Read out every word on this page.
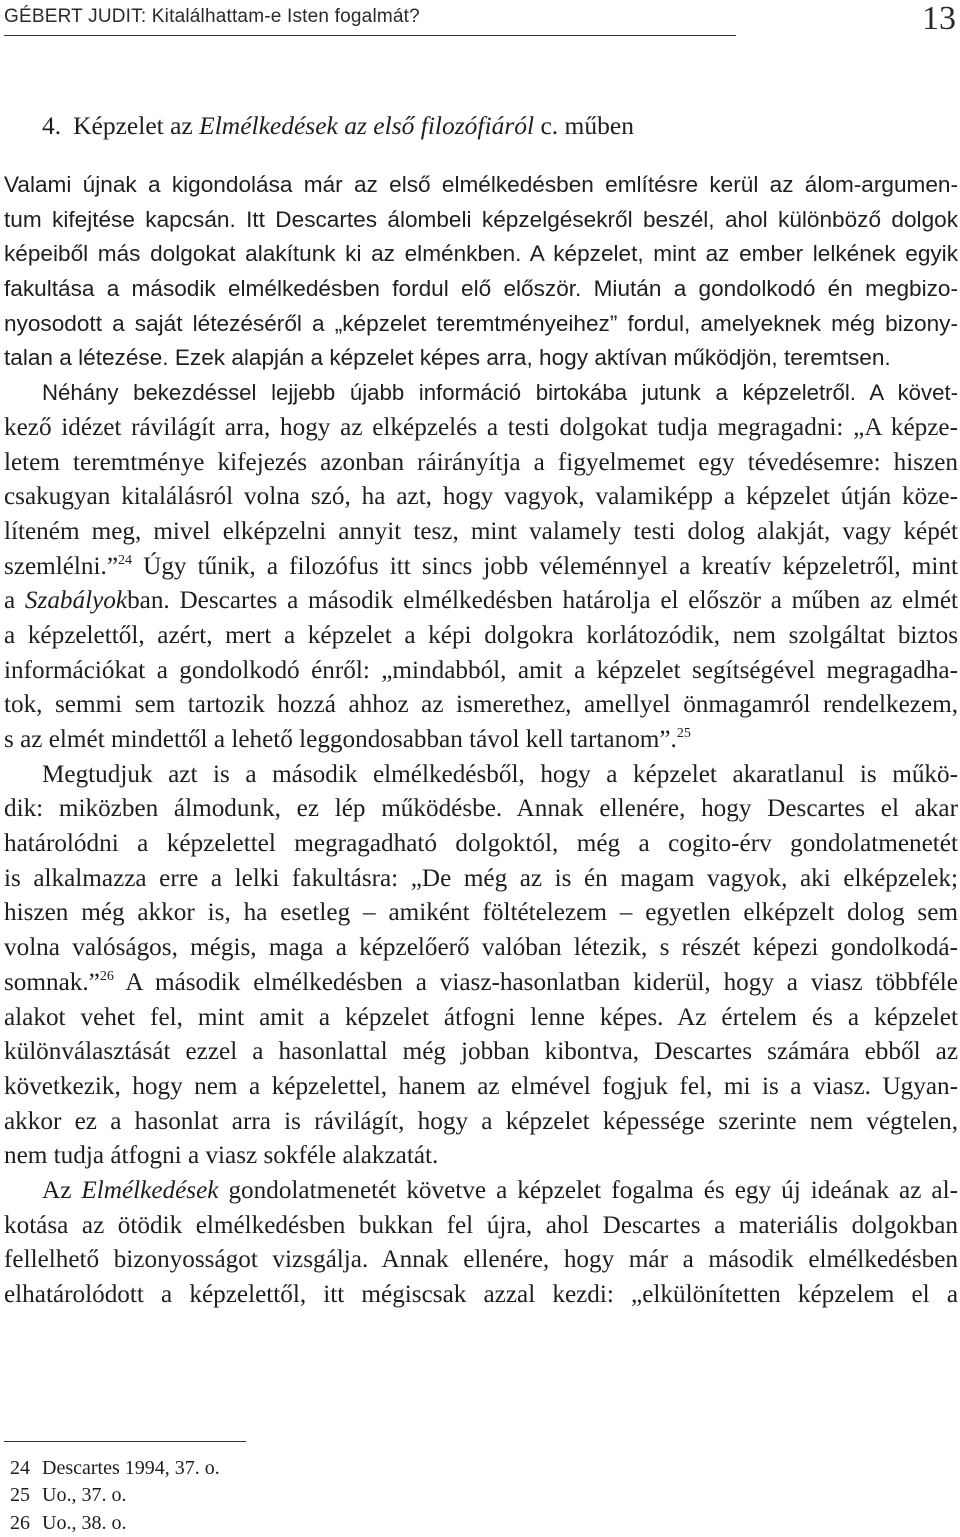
GÉBERT JUDIT: Kitalálhattam-e Isten fogalmát?	13
4. Képzelet az Elmélkedések az első filozófiáról c. műben
Valami újnak a kigondolása már az első elmélkedésben említésre kerül az álom-argumen-
tum kifejtése kapcsán. Itt Descartes álombeli képzelgésekről beszél, ahol különböző dolgok
képeiből más dolgokat alakítunk ki az elménkben. A képzelet, mint az ember lelkének egyik
fakultása a második elmélkedésben fordul elő először. Miután a gondolkodó én megbizo-
nyosodott a saját létezéséről a „képzelet teremtményeihez” fordul, amelyeknek még bizony-
talan a létezése. Ezek alapján a képzelet képes arra, hogy aktívan működjön, teremtsen.
Néhány bekezdéssel lejjebb újabb információ birtokába jutunk a képzeletről. A követ-
kező idézet rávilágít arra, hogy az elképzelés a testi dolgokat tudja megragadni: „A képze-
letem teremtménye kifejezés azonban ráirányítja a figyelmemet egy tévedésemre: hiszen
csakugyan kitalálásról volna szó, ha azt, hogy vagyok, valamiképp a képzelet útján köze-
líteném meg, mivel elképzelni annyit tesz, mint valamely testi dolog alakját, vagy képét
szemlélni.”$^{24}$ Úgy tűnik, a filozófus itt sincs jobb véleménnyel a kreatív képzeletről, mint
a Szabályokban. Descartes a második elmélkedésben határolja el először a műben az elmét
a képzelettől, azért, mert a képzelet a képi dolgokra korlátozódik, nem szolgáltat biztos
információkat a gondolkodó énről: „mindabból, amit a képzelet segítségével megragadha-
tok, semmi sem tartozik hozzá ahhoz az ismerethez, amellyel önmagamról rendelkezem,
s az elmét mindettől a lehető leggondosabban távol kell tartanom”.$^{25}$
Megtudjuk azt is a második elmélkedésből, hogy a képzelet akaratlanul is műkö-
dik: miközben álmodunk, ez lép működésbe. Annak ellenére, hogy Descartes el akar
határolódni a képzelettel megragadható dolgoktól, még a cogito-érv gondolatmenetét
is alkalmazza erre a lelki fakultásra: „De még az is én magam vagyok, aki elképzelek;
hiszen még akkor is, ha esetleg – amiként föltételezem – egyetlen elképzelt dolog sem
volna valóságos, mégis, maga a képzelőerő valóban létezik, s részét képezi gondolkodá-
somnak.”$^{26}$ A második elmélkedésben a viasz-hasonlatban kiderül, hogy a viasz többféle
alakot vehet fel, mint amit a képzelet átfogni lenne képes. Az értelem és a képzelet
különválasztását ezzel a hasonlattal még jobban kibontva, Descartes számára ebből az
következik, hogy nem a képzelettel, hanem az elmével fogjuk fel, mi is a viasz. Ugyan-
akkor ez a hasonlat arra is rávilágít, hogy a képzelet képessége szerinte nem végtelen,
nem tudja átfogni a viasz sokféle alakzatát.
Az Elmélkedések gondolatmenetét követve a képzelet fogalma és egy új ideának az al-
kotása az ötödik elmélkedésben bukkan fel újra, ahol Descartes a materiális dolgokban
fellelhető bizonyosságot vizsgálja. Annak ellenére, hogy már a második elmélkedésben
elhatárolódott a képzelettől, itt mégiscsak azzal kezdi: „elkülönítetten képzelem el a
24 Descartes 1994, 37. o.
25 Uo., 37. o.
26 Uo., 38. o.
